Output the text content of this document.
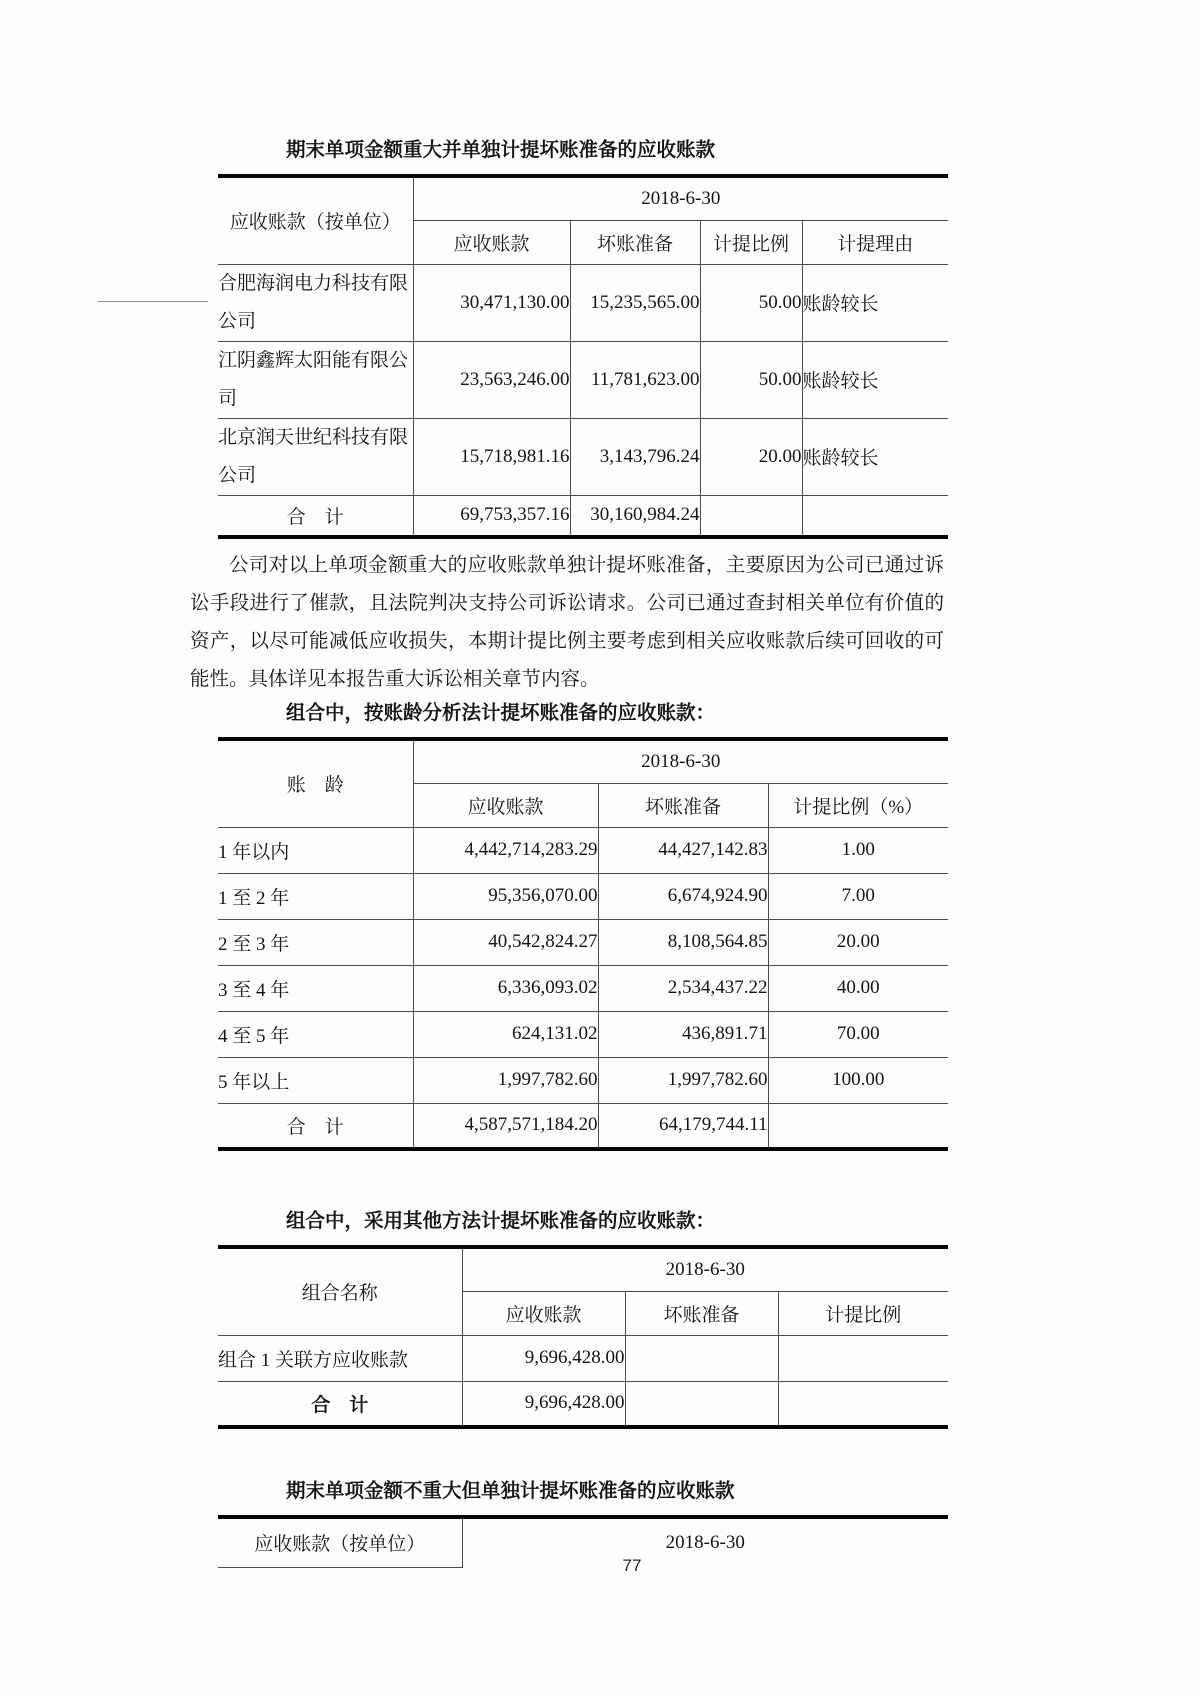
期末单项金额重大并单独计提坏账准备的应收账款
应收账款（按单位）	2018-6-30			
	应收账款	坏账准备	计提比例	计提理由
合肥海润电力科技有限公司	30,471,130.00	15,235,565.00	50.00	账龄较长
江阴鑫辉太阳能有限公司	23,563,246.00	11,781,623.00	50.00	账龄较长
北京润天世纪科技有限公司	15,718,981.16	3,143,796.24	20.00	账龄较长
合　计	69,753,357.16	30,160,984.24		

公司对以上单项金额重大的应收账款单独计提坏账准备，主要原因为公司已通过诉讼手段进行了催款，且法院判决支持公司诉讼请求。公司已通过查封相关单位有价值的资产，以尽可能减低应收损失，本期计提比例主要考虑到相关应收账款后续可回收的可能性。具体详见本报告重大诉讼相关章节内容。

组合中，按账龄分析法计提坏账准备的应收账款：
账　龄	2018-6-30		
	应收账款	坏账准备	计提比例（%）
1 年以内	4,442,714,283.29	44,427,142.83	1.00
1 至 2 年	95,356,070.00	6,674,924.90	7.00
2 至 3 年	40,542,824.27	8,108,564.85	20.00
3 至 4 年	6,336,093.02	2,534,437.22	40.00
4 至 5 年	624,131.02	436,891.71	70.00
5 年以上	1,997,782.60	1,997,782.60	100.00
合　计	4,587,571,184.20	64,179,744.11	
组合中，采用其他方法计提坏账准备的应收账款：
组合名称	2018-6-30		
	应收账款	坏账准备	计提比例
组合 1 关联方应收账款	9,696,428.00		
合　计	9,696,428.00		
期末单项金额不重大但单独计提坏账准备的应收账款
应收账款（按单位）	2018-6-30
77
